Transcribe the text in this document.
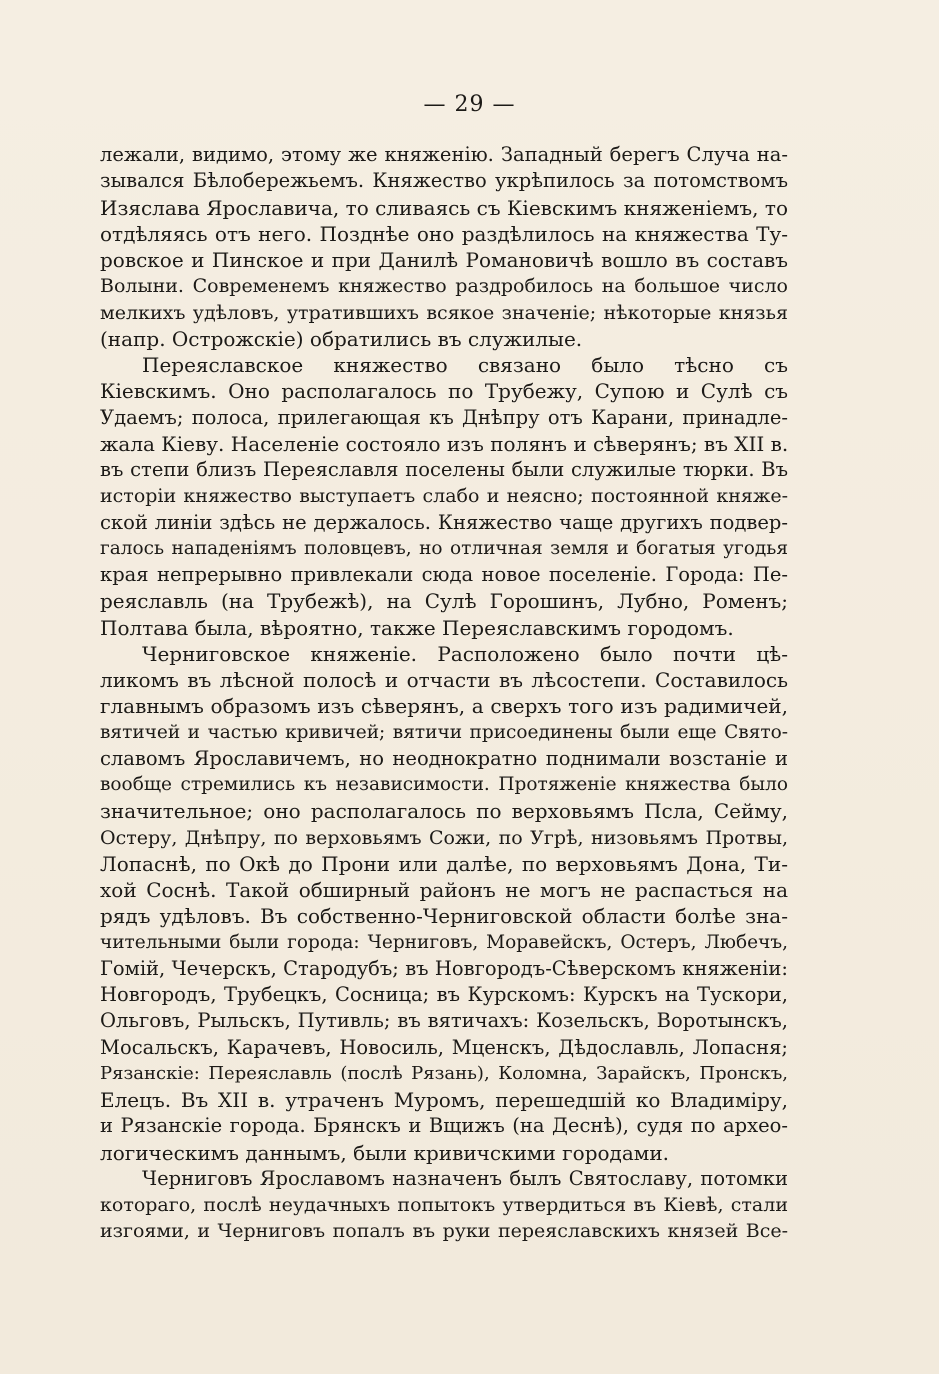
— 29 —
лежали, видимо, этому же княженію. Западный берегъ Случа на-
зывался Бѣлобережьемъ. Княжество укрѣпилось за потомствомъ
Изяслава Ярославича, то сливаясь съ Кіевскимъ княженіемъ, то
отдѣляясь отъ него. Позднѣе оно раздѣлилось на княжества Ту-
ровское и Пинское и при Данилѣ Романовичѣ вошло въ составъ
Волыни. Современемъ княжество раздробилось на большое число
мелкихъ удѣловъ, утратившихъ всякое значеніе; нѣкоторые князья
(напр. Острожскіе) обратились въ служилые.
Переяславское княжество связано было тѣсно съ
Кіевскимъ. Оно располагалось по Трубежу, Супою и Сулѣ съ
Удаемъ; полоса, прилегающая къ Днѣпру отъ Карани, принадле-
жала Кіеву. Населеніе состояло изъ полянъ и сѣверянъ; въ XII в.
въ степи близъ Переяславля поселены были служилые тюрки. Въ
исторіи княжество выступаетъ слабо и неясно; постоянной княже-
ской линіи здѣсь не держалось. Княжество чаще другихъ подвер-
галось нападеніямъ половцевъ, но отличная земля и богатыя угодья
края непрерывно привлекали сюда новое поселеніе. Города: Пе-
реяславль (на Трубежѣ), на Сулѣ Горошинъ, Лубно, Роменъ;
Полтава была, вѣроятно, также Переяславскимъ городомъ.
Черниговское княженіе. Расположено было почти цѣ-
ликомъ въ лѣсной полосѣ и отчасти въ лѣсостепи. Составилось
главнымъ образомъ изъ сѣверянъ, а сверхъ того изъ радимичей,
вятичей и частью кривичей; вятичи присоединены были еще Свято-
славомъ Ярославичемъ, но неоднократно поднимали возстаніе и
вообще стремились къ независимости. Протяженіе княжества было
значительное; оно располагалось по верховьямъ Псла, Сейму,
Остеру, Днѣпру, по верховьямъ Сожи, по Угрѣ, низовьямъ Протвы,
Лопаснѣ, по Окѣ до Прони или далѣе, по верховьямъ Дона, Ти-
хой Соснѣ. Такой обширный районъ не могъ не распасться на
рядъ удѣловъ. Въ собственно-Черниговской области болѣе зна-
чительными были города: Черниговъ, Моравейскъ, Остеръ, Любечъ,
Гомій, Чечерскъ, Стародубъ; въ Новгородъ-Сѣверскомъ княженіи:
Новгородъ, Трубецкъ, Сосница; въ Курскомъ: Курскъ на Тускори,
Ольговъ, Рыльскъ, Путивль; въ вятичахъ: Козельскъ, Воротынскъ,
Мосальскъ, Карачевъ, Новосиль, Мценскъ, Дѣдославль, Лопасня;
Рязанскіе: Переяславль (послѣ Рязань), Коломна, Зарайскъ, Пронскъ,
Елецъ. Въ XII в. утраченъ Муромъ, перешедшій ко Владиміру,
и Рязанскіе города. Брянскъ и Вщижъ (на Деснѣ), судя по архео-
логическимъ даннымъ, были кривичскими городами.
Черниговъ Ярославомъ назначенъ былъ Святославу, потомки
котораго, послѣ неудачныхъ попытокъ утвердиться въ Кіевѣ, стали
изгоями, и Черниговъ попалъ въ руки переяславскихъ князей Все-
